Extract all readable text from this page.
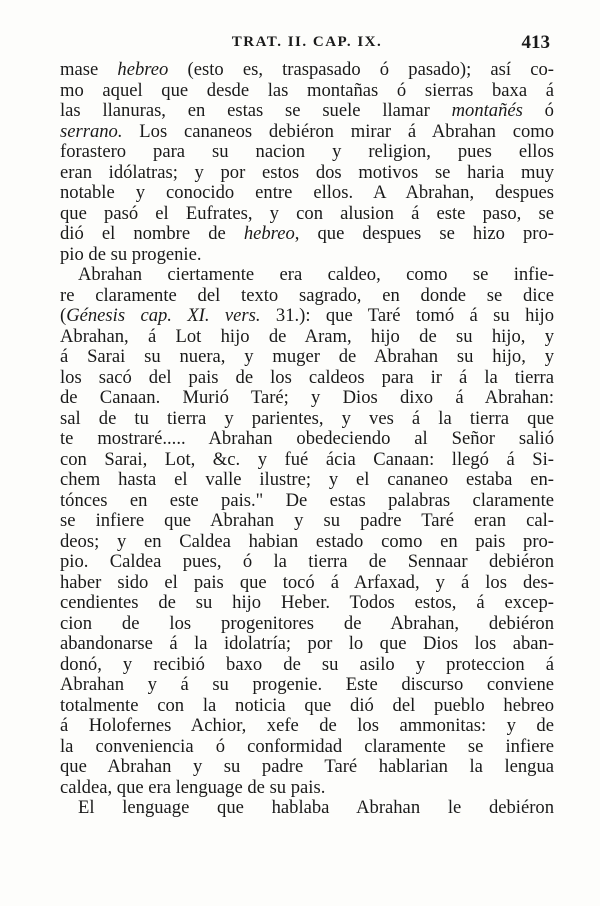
TRAT. II. CAP. IX.	413
mase hebreo (esto es, traspasado ó pasado); así co-
mo aquel que desde las montañas ó sierras baxa á
las llanuras, en estas se suele llamar montañés ó
serrano. Los cananeos debiéron mirar á Abrahan como
forastero para su nacion y religion, pues ellos
eran idólatras; y por estos dos motivos se haria muy
notable y conocido entre ellos. A Abrahan, despues
que pasó el Eufrates, y con alusion á este paso, se
dió el nombre de hebreo, que despues se hizo pro-
pio de su progenie.
Abrahan ciertamente era caldeo, como se infie-
re claramente del texto sagrado, en donde se dice
(Génesis cap. XI. vers. 31.): que Taré tomó á su hijo
Abrahan, á Lot hijo de Aram, hijo de su hijo, y
á Sarai su nuera, y muger de Abrahan su hijo, y
los sacó del pais de los caldeos para ir á la tierra
de Canaan. Murió Taré; y Dios dixo á Abrahan:
sal de tu tierra y parientes, y ves á la tierra que
te mostraré..... Abrahan obedeciendo al Señor salió
con Sarai, Lot, &c. y fué ácia Canaan: llegó á Si-
chem hasta el valle ilustre; y el cananeo estaba en-
tónces en este pais." De estas palabras claramente
se infiere que Abrahan y su padre Taré eran cal-
deos; y en Caldea habian estado como en pais pro-
pio. Caldea pues, ó la tierra de Sennaar debiéron
haber sido el pais que tocó á Arfaxad, y á los des-
cendientes de su hijo Heber. Todos estos, á excep-
cion de los progenitores de Abrahan, debiéron
abandonarse á la idolatría; por lo que Dios los aban-
donó, y recibió baxo de su asilo y proteccion á
Abrahan y á su progenie. Este discurso conviene
totalmente con la noticia que dió del pueblo hebreo
á Holofernes Achior, xefe de los ammonitas: y de
la conveniencia ó conformidad claramente se infiere
que Abrahan y su padre Taré hablarian la lengua
caldea, que era lenguage de su pais.
El lenguage que hablaba Abrahan le debiéron
